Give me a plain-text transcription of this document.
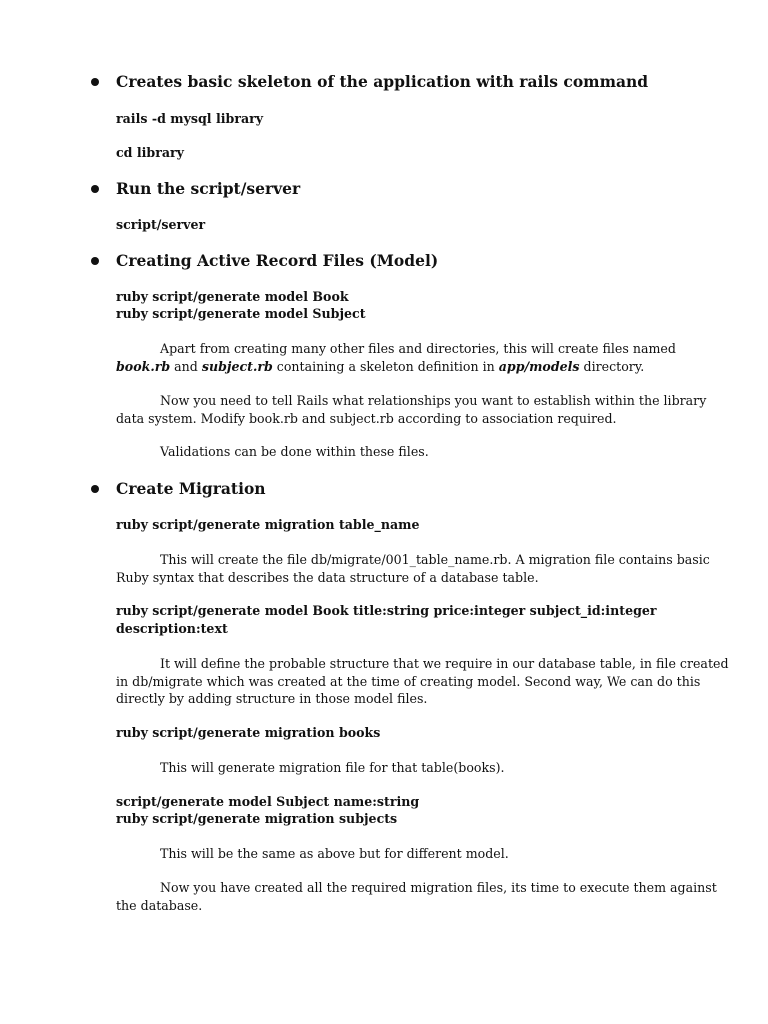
Creates basic skeleton of the application with rails command
rails -d mysql library
cd library
Run the script/server
script/server
Creating Active Record Files (Model)
ruby script/generate model Book
ruby script/generate model Subject
Apart from creating many other files and directories, this will create files named
book.rb and subject.rb containing a skeleton definition in app/models directory.
Now you need to tell Rails what relationships you want to establish within the library
data system. Modify book.rb and subject.rb according to association required.
Validations can be done within these files.
Create Migration
ruby script/generate migration table_name
This will create the file db/migrate/001_table_name.rb. A migration file contains basic
Ruby syntax that describes the data structure of a database table.
ruby script/generate model Book title:string price:integer subject_id:integer
description:text
It will define the probable structure that we require in our database table, in file created
in db/migrate which was created at the time of creating model. Second way, We can do this
directly by adding structure in those model files.
ruby script/generate migration books
This will generate migration file for that table(books).
script/generate model Subject name:string
ruby script/generate migration subjects
This will be the same as above but for different model.
Now you have created all the required migration files, its time to execute them against
the database.
